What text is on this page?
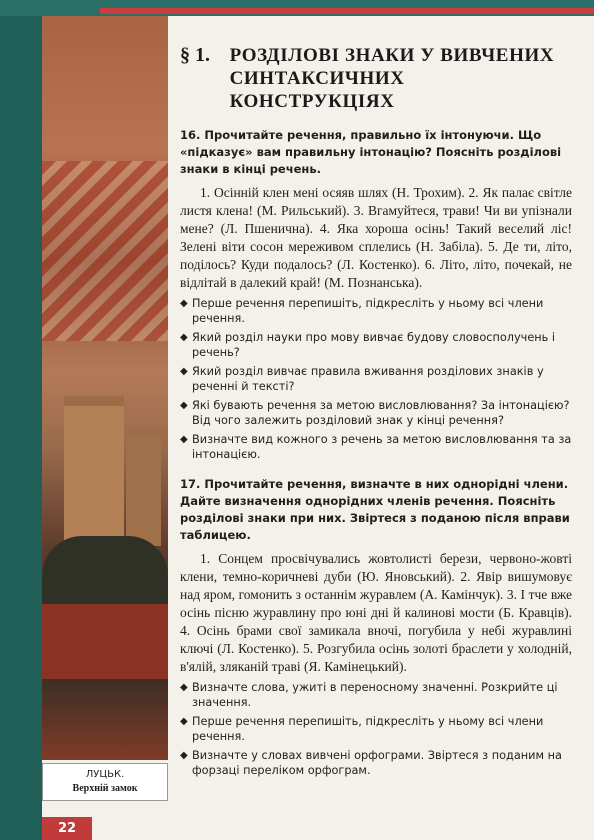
ЛУЦЬК.
Верхній замок
22
§ 1.	РОЗДІЛОВІ ЗНАКИ У ВИВЧЕНИХ
СИНТАКСИЧНИХ КОНСТРУКЦІЯХ
16. Прочитайте речення, правильно їх інтонуючи. Що «підказує» вам правильну інтонацію? Поясніть розділові знаки в кінці речень.
1. Осінній клен мені осяяв шлях (Н. Трохим). 2. Як палає світле листя клена! (М. Рильський). 3. Вгамуйтеся, трави! Чи ви упізнали мене? (Л. Пшенична). 4. Яка хороша осінь! Такий веселий ліс! Зелені віти сосон мереживом сплелись (Н. Забіла). 5. Де ти, літо, поділось? Куди подалось? (Л. Костенко). 6. Літо, літо, почекай, не відлітай в далекий край! (М. Познанська).
◆ Перше речення перепишіть, підкресліть у ньому всі члени речення.
◆ Який розділ науки про мову вивчає будову словосполучень і речень?
◆ Який розділ вивчає правила вживання розділових знаків у реченні й тексті?
◆ Які бувають речення за метою висловлювання? За інтонацією? Від чого залежить розділовий знак у кінці речення?
◆ Визначте вид кожного з речень за метою висловлювання та за інтонацією.
17. Прочитайте речення, визначте в них однорідні члени. Дайте визначення однорідних членів речення. Поясніть розділові знаки при них. Звіртеся з поданою після вправи таблицею.
1. Сонцем просвічувались жовтолисті берези, червоно-жовті клени, темно-коричневі дуби (Ю. Яновський). 2. Явір вишумовує над яром, гомонить з останнім журавлем (А. Камінчук). 3. І тче вже осінь пісню журавлину про юні дні й калинові мости (Б. Кравців). 4. Осінь брами свої замикала вночі, погубила у небі журавлині ключі (Л. Костенко). 5. Розгубила осінь золоті браслети у холодній, в'ялій, зляканій траві (Я. Камінецький).
◆ Визначте слова, ужиті в переносному значенні. Розкрийте ці значення.
◆ Перше речення перепишіть, підкресліть у ньому всі члени речення.
◆ Визначте у словах вивчені орфограми. Звіртеся з поданим на форзаці переліком орфограм.
